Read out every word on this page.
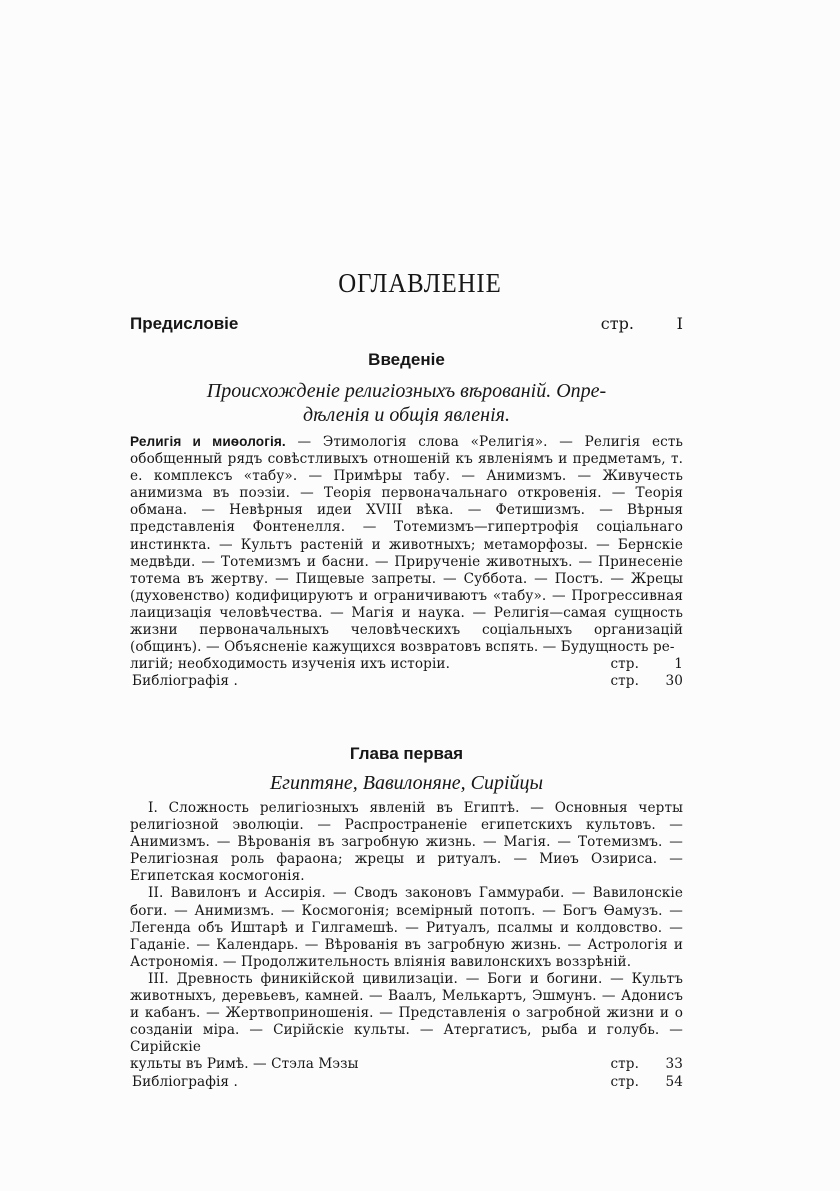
ОГЛАВЛЕНІЕ
Предисловіе	стр.	I
Введеніе
Происхожденіе религіозныхъ вѣрованій. Опре-
дѣленія и общія явленія.
Религія и миѳологія. — Этимологія слова «Религія». — Религія есть обобщенный рядъ совѣстливыхъ отношеній къ явленіямъ и предметамъ, т. е. комплексъ «табу». — Примѣры табу. — Анимизмъ. — Живучесть анимизма въ поэзіи. — Теорія первоначальнаго откровенія. — Теорія обмана. — Невѣрныя идеи XVIII вѣка. — Фетишизмъ. — Вѣрныя представленія Фонтенелля. — Тотемизмъ—гипертрофія соціальнаго инстинкта. — Культъ растеній и животныхъ; метаморфозы. — Бернскіе медвѣди. — Тотемизмъ и басни. — Прирученіе животныхъ. — Принесеніе тотема въ жертву. — Пищевые запреты. — Суббота. — Постъ. — Жрецы (духовенство) кодифицируютъ и ограничиваютъ «табу». — Прогрессивная лаицизація человѣчества. — Магія и наука. — Религія—самая сущность жизни первоначальныхъ человѣческихъ соціальныхъ организацій (общинъ). — Объясненіе кажущихся возвратовъ вспять. — Будущность ре-
лигій; необходимость изученія ихъ исторіи.	стр.	1
Библіографія .	стр. 30
Глава первая
Египтяне, Вавилоняне, Сирійцы
I. Сложность религіозныхъ явленій въ Египтѣ. — Основныя черты религіозной эволюціи. — Распространеніе египетскихъ культовъ. — Анимизмъ. — Вѣрованія въ загробную жизнь. — Магія. — Тотемизмъ. — Религіозная роль фараона; жрецы и ритуалъ. — Миѳъ Озириса. — Египетская космогонія.
II. Вавилонъ и Ассирія. — Сводъ законовъ Гаммураби. — Вавилонскіе боги. — Анимизмъ. — Космогонія; всемірный потопъ. — Богъ Ѳамузъ. — Легенда объ Иштарѣ и Гилгамешѣ. — Ритуалъ, псалмы и колдовство. — Гаданіе. — Календарь. — Вѣрованія въ загробную жизнь. — Астрологія и Астрономія. — Продолжительность вліянія вавилонскихъ воззрѣній.
III. Древность финикійской цивилизаціи. — Боги и богини. — Культъ животныхъ, деревьевъ, камней. — Ваалъ, Мелькартъ, Эшмунъ. — Адонисъ и кабанъ. — Жертвоприношенія. — Представленія о загробной жизни и о созданіи міра. — Сирійскіе культы. — Атергатисъ, рыба и голубь. — Сирійскіе
культы въ Римѣ. — Стэла Мэзы	стр. 33
Библіографія .	стр. 54
